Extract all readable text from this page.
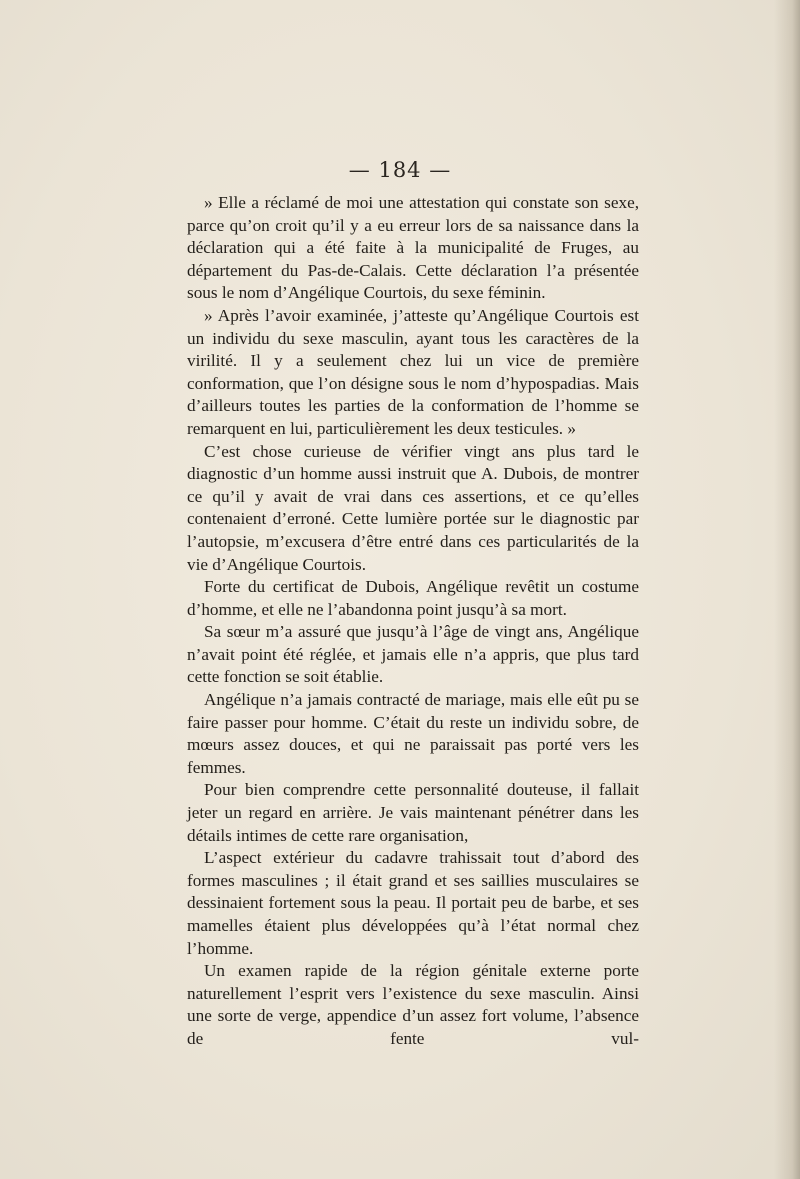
— 184 —

» Elle a réclamé de moi une attestation qui constate son sexe, parce qu’on croit qu’il y a eu erreur lors de sa naissance dans la déclaration qui a été faite à la municipalité de Fruges, au département du Pas-de-Calais. Cette déclaration l’a présentée sous le nom d’Angélique Courtois, du sexe féminin.

» Après l’avoir examinée, j’atteste qu’Angélique Courtois est un individu du sexe masculin, ayant tous les caractères de la virilité. Il y a seulement chez lui un vice de première conformation, que l’on désigne sous le nom d’hypospadias. Mais d’ailleurs toutes les parties de la conformation de l’homme se remarquent en lui, particulièrement les deux testicules. »

C’est chose curieuse de vérifier vingt ans plus tard le diagnostic d’un homme aussi instruit que A. Dubois, de montrer ce qu’il y avait de vrai dans ces assertions, et ce qu’elles contenaient d’erroné. Cette lumière portée sur le diagnostic par l’autopsie, m’excusera d’être entré dans ces particularités de la vie d’Angélique Courtois.

Forte du certificat de Dubois, Angélique revêtit un costume d’homme, et elle ne l’abandonna point jusqu’à sa mort.

Sa sœur m’a assuré que jusqu’à l’âge de vingt ans, Angélique n’avait point été réglée, et jamais elle n’a appris, que plus tard cette fonction se soit établie.

Angélique n’a jamais contracté de mariage, mais elle eût pu se faire passer pour homme. C’était du reste un individu sobre, de mœurs assez douces, et qui ne paraissait pas porté vers les femmes.

Pour bien comprendre cette personnalité douteuse, il fallait jeter un regard en arrière. Je vais maintenant pénétrer dans les détails intimes de cette rare organisation,

L’aspect extérieur du cadavre trahissait tout d’abord des formes masculines ; il était grand et ses saillies musculaires se dessinaient fortement sous la peau. Il portait peu de barbe, et ses mamelles étaient plus développées qu’à l’état normal chez l’homme.

Un examen rapide de la région génitale externe porte naturellement l’esprit vers l’existence du sexe masculin. Ainsi une sorte de verge, appendice d’un assez fort volume, l’absence de fente vul-
